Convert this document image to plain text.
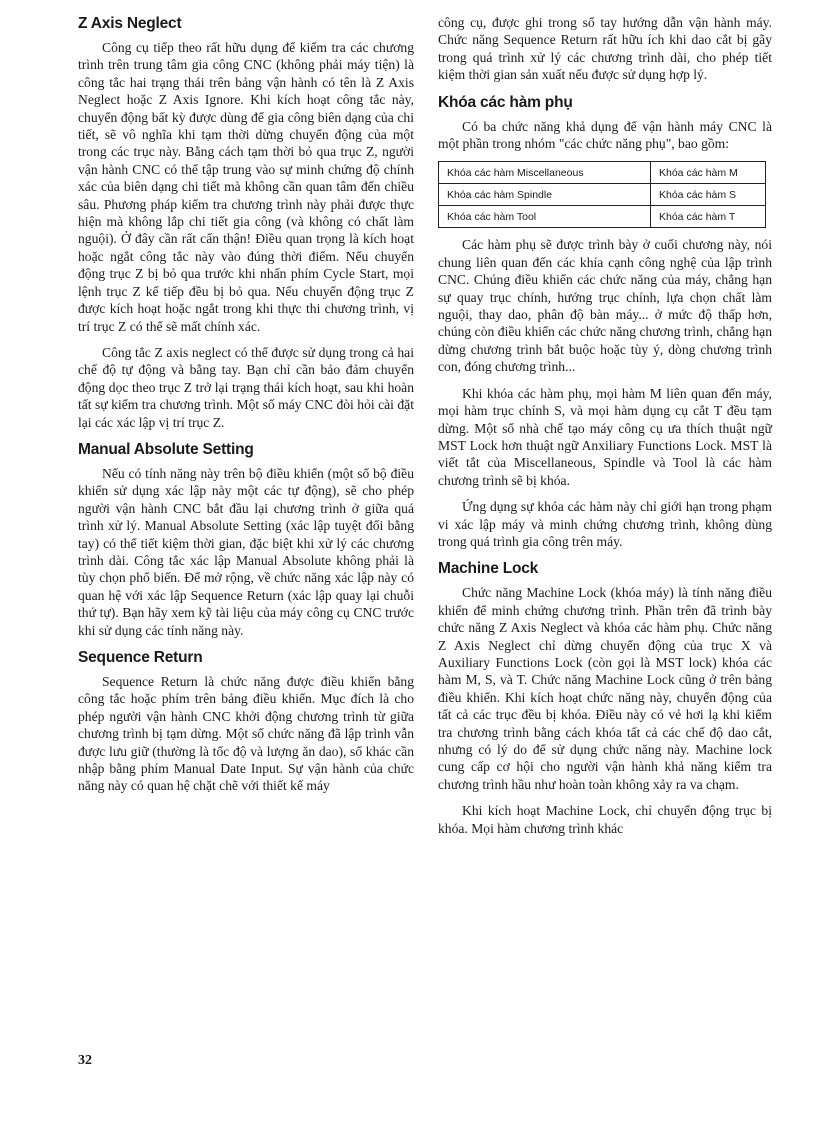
Z Axis Neglect

Công cụ tiếp theo rất hữu dụng để kiểm tra các chương trình trên trung tâm gia công CNC (không phải máy tiện) là công tắc hai trạng thái trên bảng vận hành có tên là Z Axis Neglect hoặc Z Axis Ignore. Khi kích hoạt công tắc này, chuyển động bất kỳ được dùng để gia công biên dạng của chi tiết, sẽ vô nghĩa khi tạm thời dừng chuyển động của một trong các trục này. Bằng cách tạm thời bỏ qua trục Z, người vận hành CNC có thể tập trung vào sự minh chứng độ chính xác của biên dạng chi tiết mà không cần quan tâm đến chiều sâu. Phương pháp kiểm tra chương trình này phải được thực hiện mà không lắp chi tiết gia công (và không có chất làm nguội). Ở đây cần rất cẩn thận! Điều quan trọng là kích hoạt hoặc ngắt công tắc này vào đúng thời điểm. Nếu chuyển động trục Z bị bỏ qua trước khi nhấn phím Cycle Start, mọi lệnh trục Z kế tiếp đều bị bỏ qua. Nếu chuyển động trục Z được kích hoạt hoặc ngắt trong khi thực thi chương trình, vị trí trục Z có thể sẽ mất chính xác.

Công tắc Z axis neglect có thể được sử dụng trong cả hai chế độ tự động và bằng tay. Bạn chỉ cần bảo đảm chuyển động dọc theo trục Z trở lại trạng thái kích hoạt, sau khi hoàn tất sự kiểm tra chương trình. Một số máy CNC đòi hỏi cài đặt lại các xác lập vị trí trục Z.

Manual Absolute Setting

Nếu có tính năng này trên bộ điều khiển (một số bộ điều khiển sử dụng xác lập này một các tự động), sẽ cho phép người vận hành CNC bắt đầu lại chương trình ở giữa quá trình xử lý. Manual Absolute Setting (xác lập tuyệt đối bằng tay) có thể tiết kiệm thời gian, đặc biệt khi xử lý các chương trình dài. Công tắc xác lập Manual Absolute không phải là tùy chọn phổ biến. Để mở rộng, về chức năng xác lập này có quan hệ với xác lập Sequence Return (xác lập quay lại chuỗi thứ tự). Bạn hãy xem kỹ tài liệu của máy công cụ CNC trước khi sử dụng các tính năng này.

Sequence Return

Sequence Return là chức năng được điều khiển bằng công tắc hoặc phím trên bảng điều khiển. Mục đích là cho phép người vận hành CNC khởi động chương trình từ giữa chương trình bị tạm dừng. Một số chức năng đã lập trình vẫn được lưu giữ (thường là tốc độ và lượng ăn dao), số khác cần nhập bằng phím Manual Date Input. Sự vận hành của chức năng này có quan hệ chặt chẽ với thiết kế máy

công cụ, được ghi trong sổ tay hướng dẫn vận hành máy. Chức năng Sequence Return rất hữu ích khi dao cắt bị gãy trong quá trình xử lý các chương trình dài, cho phép tiết kiệm thời gian sản xuất nếu được sử dụng hợp lý.

Khóa các hàm phụ

Có ba chức năng khả dụng để vận hành máy CNC là một phần trong nhóm "các chức năng phụ", bao gồm:

Khóa các hàm Miscellaneous	Khóa các hàm M
Khóa các hàm Spindle	Khóa các hàm S
Khóa các hàm Tool	Khóa các hàm T

Các hàm phụ sẽ được trình bày ở cuối chương này, nói chung liên quan đến các khía cạnh công nghệ của lập trình CNC. Chúng điều khiển các chức năng của máy, chẳng hạn sự quay trục chính, hướng trục chính, lựa chọn chất làm nguội, thay dao, phân độ bàn máy... ở mức độ thấp hơn, chúng còn điều khiển các chức năng chương trình, chẳng hạn dừng chương trình bắt buộc hoặc tùy ý, dòng chương trình con, đóng chương trình...

Khi khóa các hàm phụ, mọi hàm M liên quan đến máy, mọi hàm trục chính S, và mọi hàm dụng cụ cắt T đều tạm dừng. Một số nhà chế tạo máy công cụ ưa thích thuật ngữ MST Lock hơn thuật ngữ Anxiliary Functions Lock. MST là viết tắt của Miscellaneous, Spindle và Tool là các hàm chương trình sẽ bị khóa.

Ứng dụng sự khóa các hàm này chỉ giới hạn trong phạm vi xác lập máy và minh chứng chương trình, không dùng trong quá trình gia công trên máy.

Machine Lock

Chức năng Machine Lock (khóa máy) là tính năng điều khiển để minh chứng chương trình. Phần trên đã trình bày chức năng Z Axis Neglect và khóa các hàm phụ. Chức năng Z Axis Neglect chỉ dừng chuyển động của trục X và Auxiliary Functions Lock (còn gọi là MST lock) khóa các hàm M, S, và T. Chức năng Machine Lock cũng ở trên bảng điều khiển. Khi kích hoạt chức năng này, chuyển động của tất cả các trục đều bị khóa. Điều này có vẻ hơi lạ khi kiểm tra chương trình bằng cách khóa tất cả các chế độ dao cắt, nhưng có lý do để sử dụng chức năng này. Machine lock cung cấp cơ hội cho người vận hành khả năng kiểm tra chương trình hầu như hoàn toàn không xảy ra va chạm.

Khi kích hoạt Machine Lock, chỉ chuyển động trục bị khóa. Mọi hàm chương trình khác

32
